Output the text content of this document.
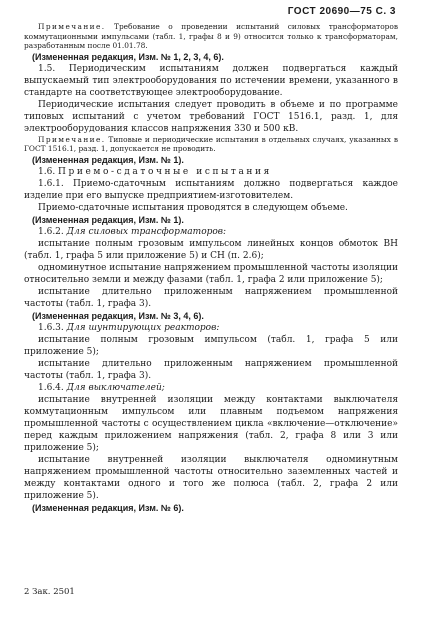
ГОСТ 20690—75 С. 3

Примечание. Требование о проведении испытаний силовых трансформаторов коммутационными импульсами (табл. 1, графы 8 и 9) относится только к трансформаторам, разработанным после 01.01.78.

(Измененная редакция, Изм. № 1, 2, 3, 4, 6).

1.5. Периодическим испытаниям должен подвергаться каждый выпускаемый тип электрооборудования по истечении времени, указанного в стандарте на соответствующее электрооборудование.

Периодические испытания следует проводить в объеме и по программе типовых испытаний с учетом требований ГОСТ 1516.1, разд. 1, для электрооборудования классов напряжения 330 и 500 кВ.

Примечание. Типовые и периодические испытания в отдельных случаях, указанных в ГОСТ 1516.1, разд. 1, допускается не проводить.

(Измененная редакция, Изм. № 1).

1.6. Приемо-сдаточные испытания

1.6.1. Приемо-сдаточным испытаниям должно подвергаться каждое изделие при его выпуске предприятием-изготовителем.

Приемо-сдаточные испытания проводятся в следующем объеме.

(Измененная редакция, Изм. № 1).

1.6.2. Для силовых трансформаторов:

испытание полным грозовым импульсом линейных концов обмоток ВН (табл. 1, графа 5 или приложение 5) и СН (п. 2.6);

одноминутное испытание напряжением промышленной частоты изоляции относительно земли и между фазами (табл. 1, графа 2 или приложение 5);

испытание длительно приложенным напряжением промышленной частоты (табл. 1, графа 3).

(Измененная редакция, Изм. № 3, 4, 6).

1.6.3. Для шунтирующих реакторов:

испытание полным грозовым импульсом (табл. 1, графа 5 или приложение 5);

испытание длительно приложенным напряжением промышленной частоты (табл. 1, графа 3).

1.6.4. Для выключателей;

испытание внутренней изоляции между контактами выключателя коммутационным импульсом или плавным подъемом напряжения промышленной частоты с осуществлением цикла «включение—отключение» перед каждым приложением напряжения (табл. 2, графа 8 или 3 или приложение 5);

испытание внутренней изоляции выключателя одноминутным напряжением промышленной частоты относительно заземленных частей и между контактами одного и того же полюса (табл. 2, графа 2 или приложение 5).

(Измененная редакция, Изм. № 6).

2 Зак. 2501
